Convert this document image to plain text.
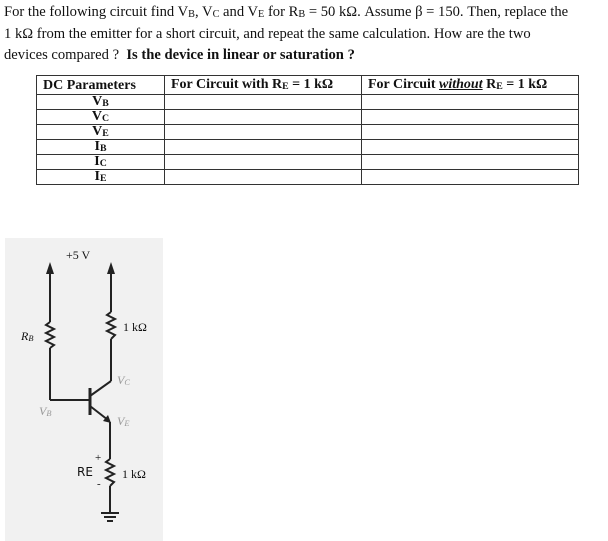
For the following circuit find $V_B$, $V_C$ and $V_E$ for $R_B = 50$ kΩ. Assume β = 150. Then, replace the
1 kΩ from the emitter for a short circuit, and repeat the same calculation. How are the two
devices compared ? Is the device in linear or saturation ?
DC Parameters	For Circuit with $R_E = 1$ kΩ	For Circuit without $R_E = 1$ kΩ
$V_B$		
$V_C$		
$V_E$		
$I_B$		
$I_C$		
$I_E$		
+5 V
$R_B$
1 kΩ
$V_C$
$V_B$
$V_E$
RE
+
-
1 kΩ
